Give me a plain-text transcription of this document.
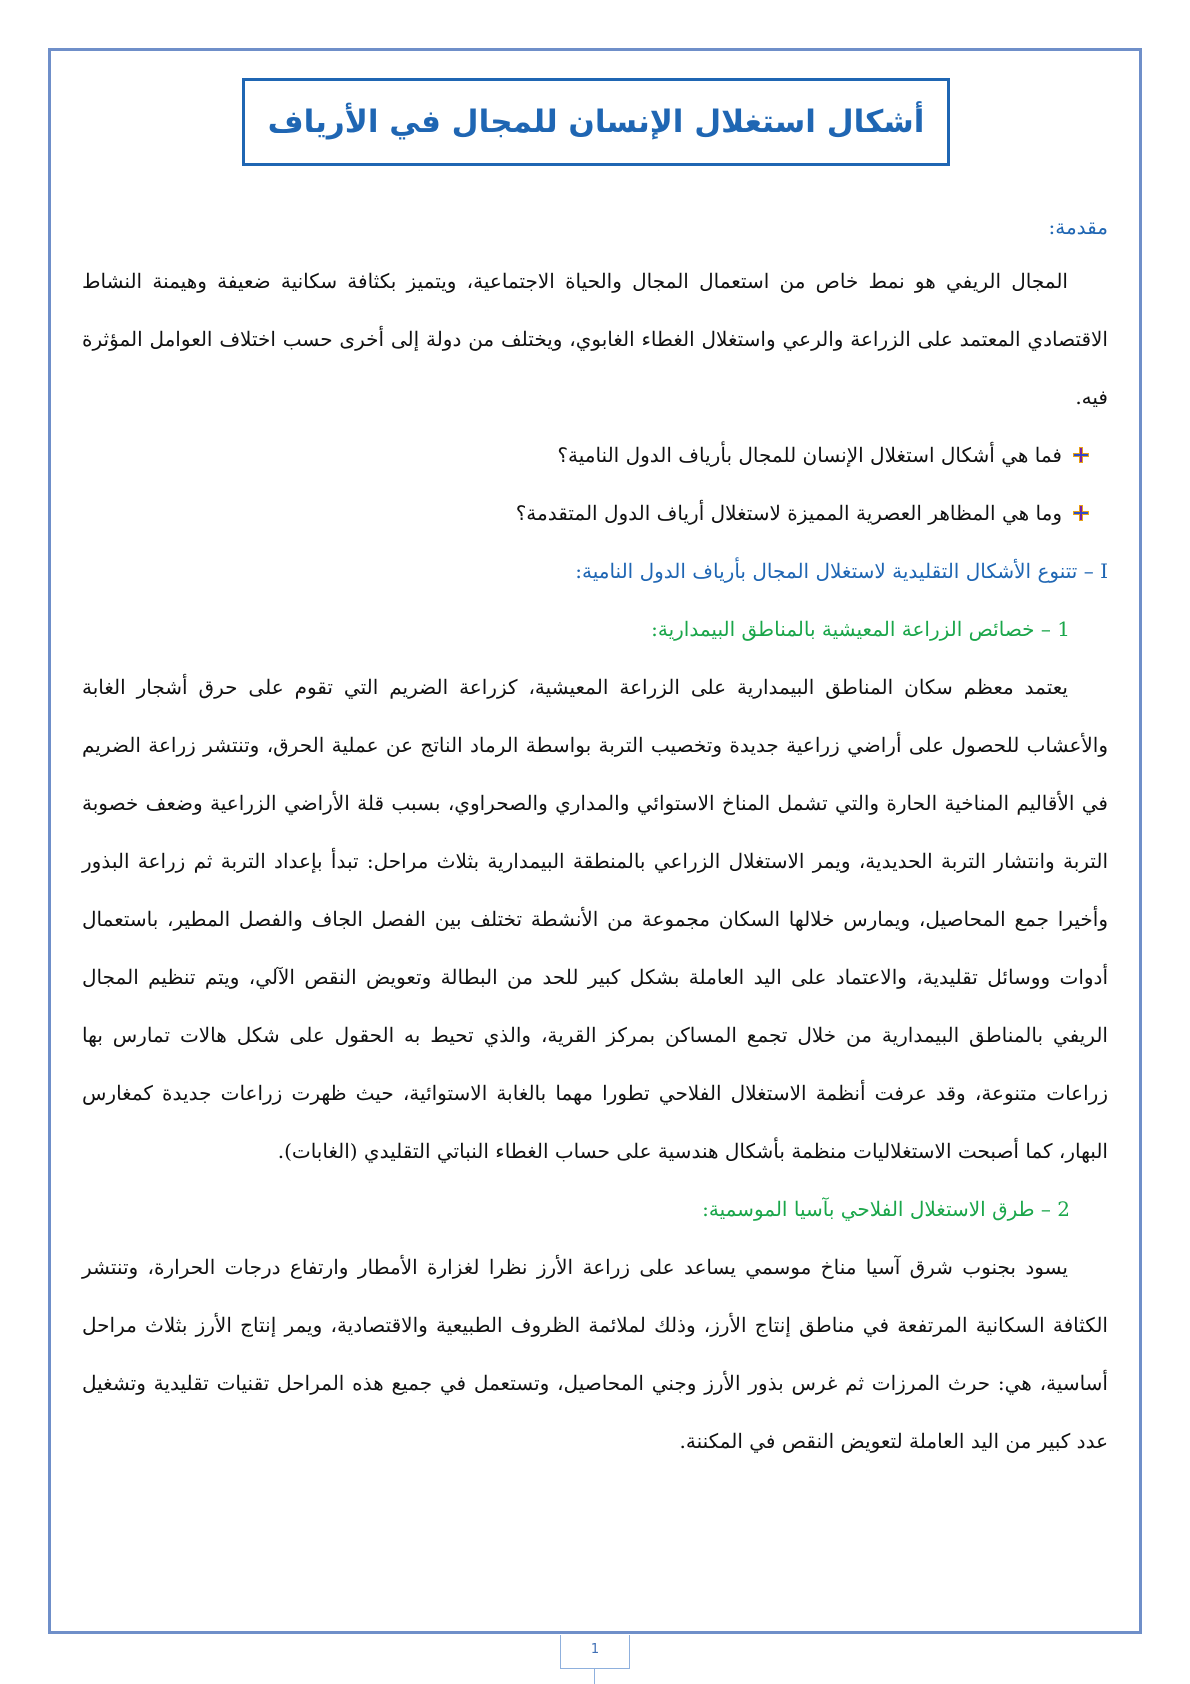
أشكال استغلال الإنسان للمجال في الأرياف

مقدمة:

المجال الريفي هو نمط خاص من استعمال المجال والحياة الاجتماعية، ويتميز بكثافة سكانية ضعيفة وهيمنة النشاط الاقتصادي المعتمد على الزراعة والرعي واستغلال الغطاء الغابوي، ويختلف من دولة إلى أخرى حسب اختلاف العوامل المؤثرة فيه.

فما هي أشكال استغلال الإنسان للمجال بأرياف الدول النامية؟

وما هي المظاهر العصرية المميزة لاستغلال أرياف الدول المتقدمة؟

I – تتنوع الأشكال التقليدية لاستغلال المجال بأرياف الدول النامية:

1 – خصائص الزراعة المعيشية بالمناطق البيمدارية:

يعتمد معظم سكان المناطق البيمدارية على الزراعة المعيشية، كزراعة الضريم التي تقوم على حرق أشجار الغابة والأعشاب للحصول على أراضي زراعية جديدة وتخصيب التربة بواسطة الرماد الناتج عن عملية الحرق، وتنتشر زراعة الضريم في الأقاليم المناخية الحارة والتي تشمل المناخ الاستوائي والمداري والصحراوي، بسبب قلة الأراضي الزراعية وضعف خصوبة التربة وانتشار التربة الحديدية، ويمر الاستغلال الزراعي بالمنطقة البيمدارية بثلاث مراحل: تبدأ بإعداد التربة ثم زراعة البذور وأخيرا جمع المحاصيل، ويمارس خلالها السكان مجموعة من الأنشطة تختلف بين الفصل الجاف والفصل المطير، باستعمال أدوات ووسائل تقليدية، والاعتماد على اليد العاملة بشكل كبير للحد من البطالة وتعويض النقص الآلي، ويتم تنظيم المجال الريفي بالمناطق البيمدارية من خلال تجمع المساكن بمركز القرية، والذي تحيط به الحقول على شكل هالات تمارس بها زراعات متنوعة، وقد عرفت أنظمة الاستغلال الفلاحي تطورا مهما بالغابة الاستوائية، حيث ظهرت زراعات جديدة كمغارس البهار، كما أصبحت الاستغلاليات منظمة بأشكال هندسية على حساب الغطاء النباتي التقليدي (الغابات).

2 – طرق الاستغلال الفلاحي بآسيا الموسمية:

يسود بجنوب شرق آسيا مناخ موسمي يساعد على زراعة الأرز نظرا لغزارة الأمطار وارتفاع درجات الحرارة، وتنتشر الكثافة السكانية المرتفعة في مناطق إنتاج الأرز، وذلك لملائمة الظروف الطبيعية والاقتصادية، ويمر إنتاج الأرز بثلاث مراحل أساسية، هي: حرث المرزات ثم غرس بذور الأرز وجني المحاصيل، وتستعمل في جميع هذه المراحل تقنيات تقليدية وتشغيل عدد كبير من اليد العاملة لتعويض النقص في المكننة.

1
